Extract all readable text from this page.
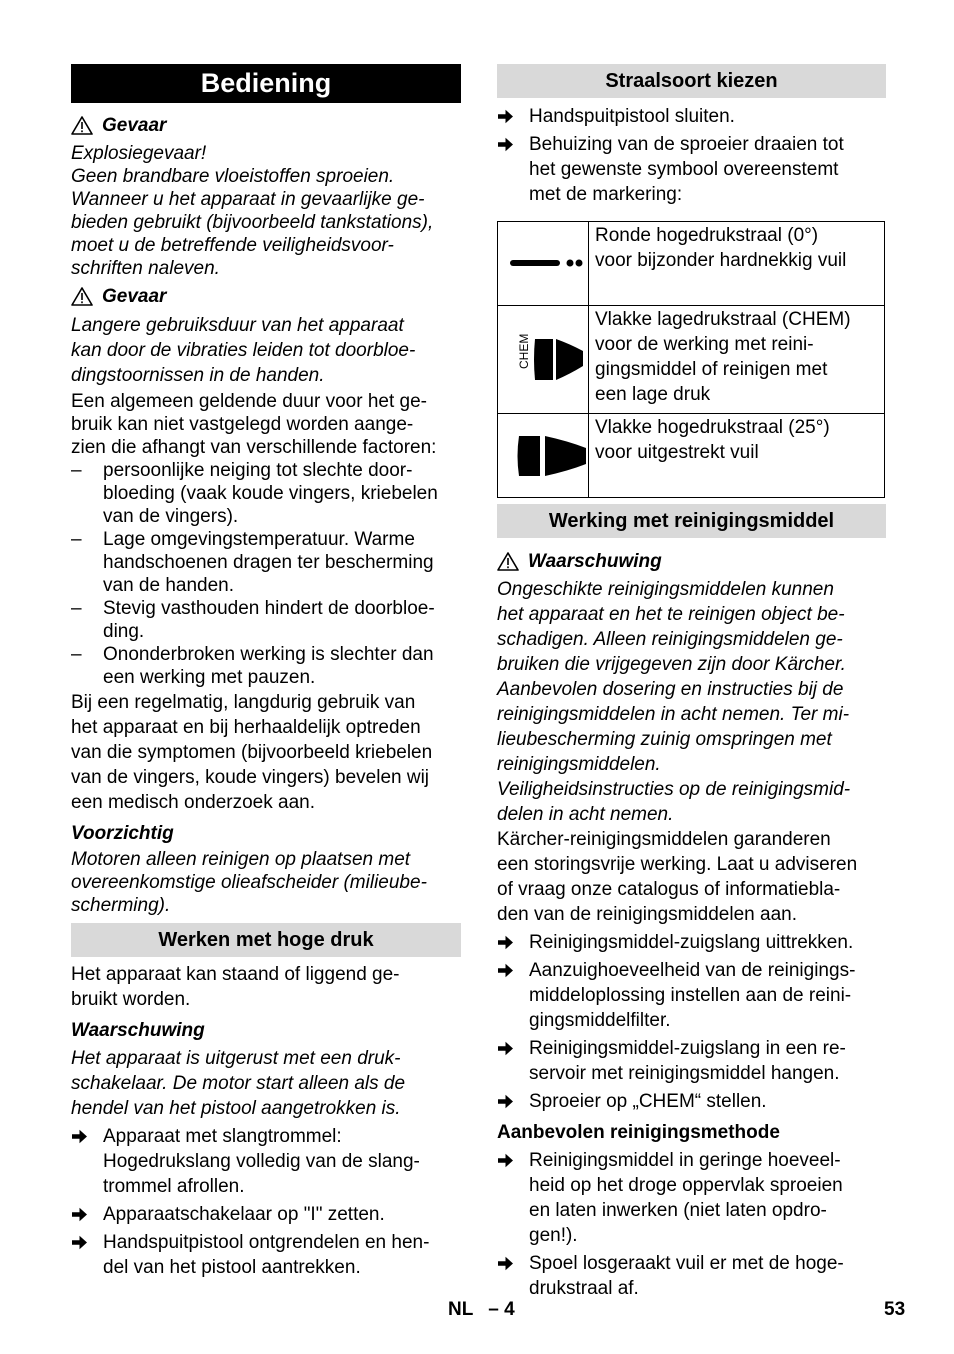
Bediening
Gevaar
Explosiegevaar!
Geen brandbare vloeistoffen sproeien.
Wanneer u het apparaat in gevaarlijke ge-
bieden gebruikt (bijvoorbeeld tankstations),
moet u de betreffende veiligheidsvoor-
schriften naleven.
Gevaar
Langere gebruiksduur van het apparaat
kan door de vibraties leiden tot doorbloe-
dingstoornissen in de handen.
Een algemeen geldende duur voor het ge-
bruik kan niet vastgelegd worden aange-
zien die afhangt van verschillende factoren:
–	persoonlijke neiging tot slechte door-
bloeding (vaak koude vingers, kriebelen
van de vingers).
–	Lage omgevingstemperatuur. Warme
handschoenen dragen ter bescherming
van de handen.
–	Stevig vasthouden hindert de doorbloe-
ding.
–	Ononderbroken werking is slechter dan
een werking met pauzen.
Bij een regelmatig, langdurig gebruik van
het apparaat en bij herhaaldelijk optreden
van die symptomen (bijvoorbeeld kriebelen
van de vingers, koude vingers) bevelen wij
een medisch onderzoek aan.
Voorzichtig
Motoren alleen reinigen op plaatsen met
overeenkomstige olieafscheider (milieube-
scherming).
Werken met hoge druk
Het apparaat kan staand of liggend ge-
bruikt worden.
Waarschuwing
Het apparaat is uitgerust met een druk-
schakelaar. De motor start alleen als de
hendel van het pistool aangetrokken is.
Apparaat met slangtrommel:
Hogedrukslang volledig van de slang-
trommel afrollen.
Apparaatschakelaar op "I" zetten.
Handspuitpistool ontgrendelen en hen-
del van het pistool aantrekken.
Straalsoort kiezen
Handspuitpistool sluiten.
Behuizing van de sproeier draaien tot
het gewenste symbool overeenstemt
met de markering:

Ronde hogedrukstraal (0°)
voor bijzonder hardnekkig vuil

CHEM	Vlakke lagedrukstraal (CHEM)
voor de werking met reini-
gingsmiddel of reinigen met
een lage druk

Vlakke hogedrukstraal (25°)
voor uitgestrekt vuil
Werking met reinigingsmiddel
Waarschuwing
Ongeschikte reinigingsmiddelen kunnen
het apparaat en het te reinigen object be-
schadigen. Alleen reinigingsmiddelen ge-
bruiken die vrijgegeven zijn door Kärcher.
Aanbevolen dosering en instructies bij de
reinigingsmiddelen in acht nemen. Ter mi-
lieubescherming zuinig omspringen met
reinigingsmiddelen.
Veiligheidsinstructies op de reinigingsmid-
delen in acht nemen.
Kärcher-reinigingsmiddelen garanderen
een storingsvrije werking. Laat u adviseren
of vraag onze catalogus of informatiebla-
den van de reinigingsmiddelen aan.
Reinigingsmiddel-zuigslang uittrekken.
Aanzuighoeveelheid van de reinigings-
middeloplossing instellen aan de reini-
gingsmiddelfilter.
Reinigingsmiddel-zuigslang in een re-
servoir met reinigingsmiddel hangen.
Sproeier op „CHEM“ stellen.
Aanbevolen reinigingsmethode
Reinigingsmiddel in geringe hoeveel-
heid op het droge oppervlak sproeien
en laten inwerken (niet laten opdro-
gen!).
Spoel losgeraakt vuil er met de hoge-
drukstraal af.
NL – 4	53
